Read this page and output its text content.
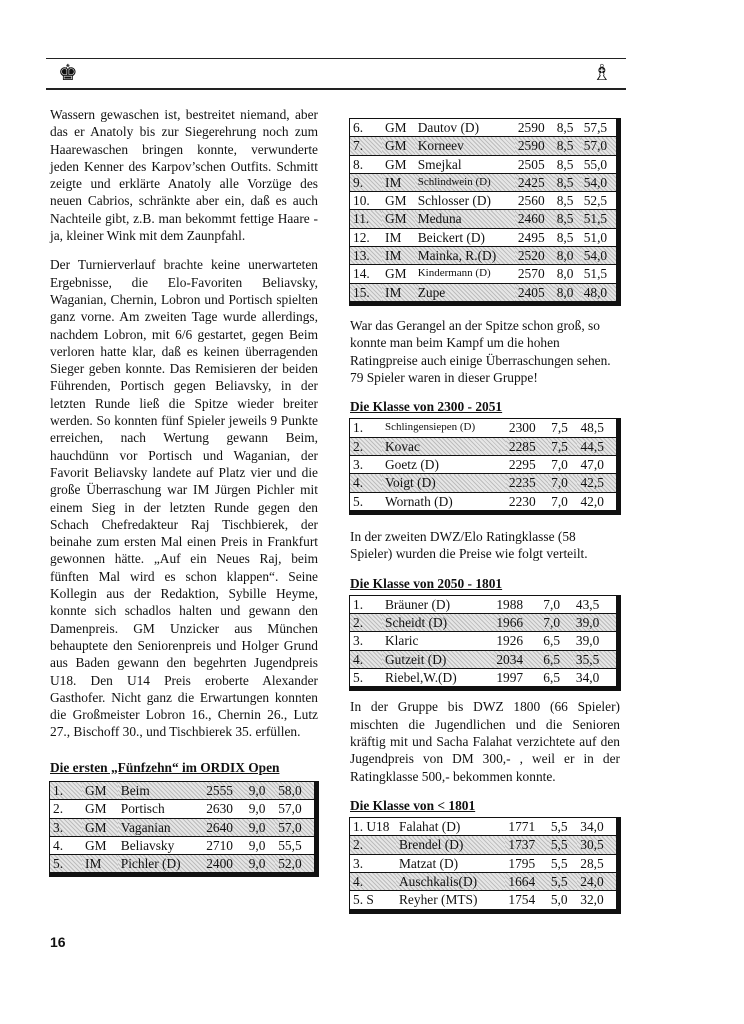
♚	♗

Wassern gewaschen ist, bestreitet niemand, aber das er Anatoly bis zur Siegerehrung noch zum Haarewaschen bringen konnte, verwunderte jeden Kenner des Karpov’schen Outfits. Schmitt zeigte und erklärte Anatoly alle Vorzüge des neuen Cabrios, schränkte aber ein, daß es auch Nachteile gibt, z.B. man bekommt fettige Haare - ja, kleiner Wink mit dem Zaunpfahl.

Der Turnierverlauf brachte keine unerwarteten Ergebnisse, die Elo-Favoriten Beliavsky, Waganian, Chernin, Lobron und Portisch spielten ganz vorne. Am zweiten Tage wurde allerdings, nachdem Lobron, mit 6/6 gestartet, gegen Beim verloren hatte klar, daß es keinen überragenden Sieger geben konnte. Das Remisieren der beiden Führenden, Portisch gegen Beliavsky, in der letzten Runde ließ die Spitze wieder breiter werden. So konnten fünf Spieler jeweils 9 Punkte erreichen, nach Wertung gewann Beim, hauchdünn vor Portisch und Waganian, der Favorit Beliavsky landete auf Platz vier und die große Überraschung war IM Jürgen Pichler mit einem Sieg in der letzten Runde gegen den Schach Chefredakteur Raj Tischbierek, der beinahe zum ersten Mal einen Preis in Frankfurt gewonnen hätte. „Auf ein Neues Raj, beim fünften Mal wird es schon klappen“. Seine Kollegin aus der Redaktion, Sybille Heyme, konnte sich schadlos halten und gewann den Damenpreis. GM Unzicker aus München behauptete den Seniorenpreis und Holger Grund aus Baden gewann den begehrten Jugendpreis U18. Den U14 Preis eroberte Alexander Gasthofer. Nicht ganz die Erwartungen konnten die Großmeister Lobron 16., Chernin 26., Lutz 27., Bischoff 30., und Tischbierek 35. erfüllen.

Die ersten „Fünfzehn“ im ORDIX Open
1.	GM	Beim	2555	9,0	58,0
2.	GM	Portisch	2630	9,0	57,0
3.	GM	Vaganian	2640	9,0	57,0
4.	GM	Beliavsky	2710	9,0	55,5
5.	IM	Pichler (D)	2400	9,0	52,0
6.	GM	Dautov (D)	2590	8,5	57,5
7.	GM	Korneev	2590	8,5	57,0
8.	GM	Smejkal	2505	8,5	55,0
9.	IM	Schlindwein (D)	2425	8,5	54,0
10.	GM	Schlosser (D)	2560	8,5	52,5
11.	GM	Meduna	2460	8,5	51,5
12.	IM	Beickert (D)	2495	8,5	51,0
13.	IM	Mainka, R.(D)	2520	8,0	54,0
14.	GM	Kindermann (D)	2570	8,0	51,5
15.	IM	Zupe	2405	8,0	48,0

War das Gerangel an der Spitze schon groß, so konnte man beim Kampf um die hohen Ratingpreise auch einige Überraschungen sehen. 79 Spieler waren in dieser Gruppe!

Die Klasse von 2300 - 2051
1.	Schlingensiepen (D)	2300	7,5	48,5
2.	Kovac	2285	7,5	44,5
3.	Goetz (D)	2295	7,0	47,0
4.	Voigt (D)	2235	7,0	42,5
5.	Wornath (D)	2230	7,0	42,0

In der zweiten DWZ/Elo Ratingklasse (58 Spieler) wurden die Preise wie folgt verteilt.

Die Klasse von 2050 - 1801
1.	Bräuner (D)	1988	7,0	43,5
2.	Scheidt (D)	1966	7,0	39,0
3.	Klaric	1926	6,5	39,0
4.	Gutzeit (D)	2034	6,5	35,5
5.	Riebel,W.(D)	1997	6,5	34,0

In der Gruppe bis DWZ 1800 (66 Spieler) mischten die Jugendlichen und die Senioren kräftig mit und Sacha Falahat verzichtete auf den Jugendpreis von DM 300,- , weil er in der Ratingklasse 500,- bekommen konnte.

Die Klasse von < 1801
1. U18	Falahat (D)	1771	5,5	34,0
2.	Brendel (D)	1737	5,5	30,5
3.	Matzat (D)	1795	5,5	28,5
4.	Auschkalis(D)	1664	5,5	24,0
5. S	Reyher (MTS)	1754	5,0	32,0
16
